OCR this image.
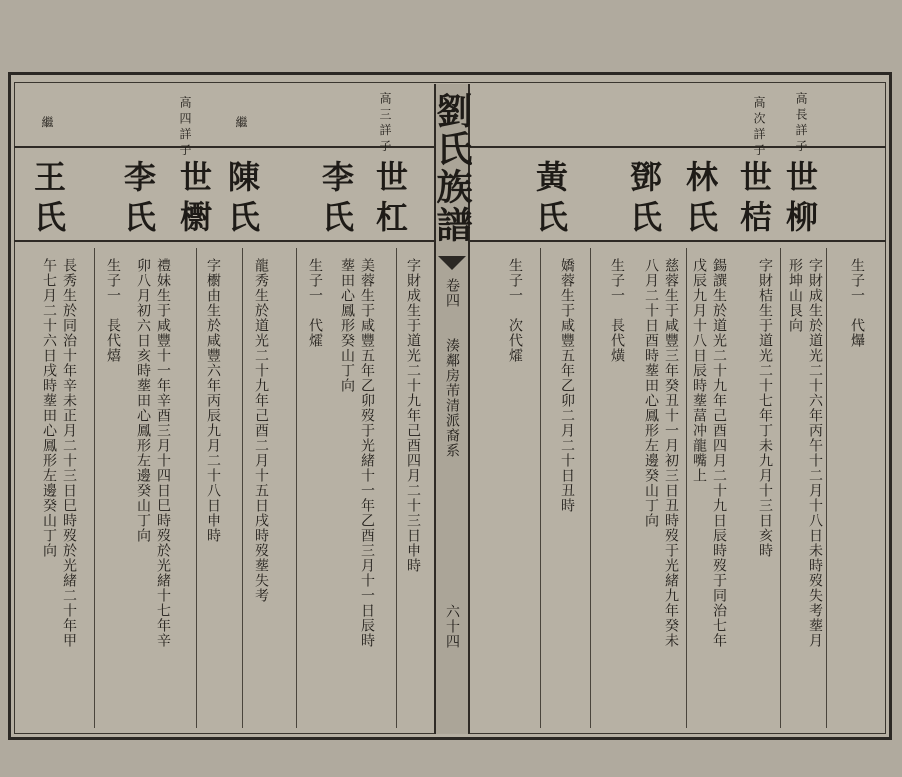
劉氏族譜
卷四
湊鄰房芾清派裔系
六十四
高 長 詳 子
高 次 詳 子
世柳
世桔
林氏
鄧氏
黃氏
生子一　代爗
字財成生於道光二十六年丙午十二月十八日未時歿失考塟月
形坤山艮向
字財桔生于道光二十七年丁未九月十三日亥時
鍚譔生於道光二十九年己酉四月二十九日辰時歿于同治七年
戊辰九月十八日辰時塟葍冲龍嘴上
慈蓉生于咸豐三年癸丑十一月初三日丑時歿于光緒九年癸未
八月二十日酉時塟田心鳳形左邊癸山丁向
生子一　長代熿
嬌蓉生于咸豐五年乙卯二月二十日丑時
生子一　次代㸌
高 三 詳 子
繼
高 四 詳 子
繼
世杠
李氏
陳氏
世㯹
李氏
王氏
字財成生于道光二十九年己酉四月二十三日申時
美蓉生于咸豐五年乙卯歿于光緒十一年乙酉三月十一日辰時
塟田心鳳形癸山丁向
生子一　代㸌
龍秀生於道光二十九年己酉二月十五日戌時歿塟失考
字㯹由生於咸豐六年丙辰九月二十八日申時
禮妹生于咸豐十一年辛酉三月十四日巳時歿於光緒十七年辛
卯八月初六日亥時塟田心鳳形左邊癸山丁向
生子一　長代熺
長秀生於同治十年辛未正月二十三日巳時歿於光緒二十年甲
午七月二十六日戌時塟田心鳳形左邊癸山丁向
